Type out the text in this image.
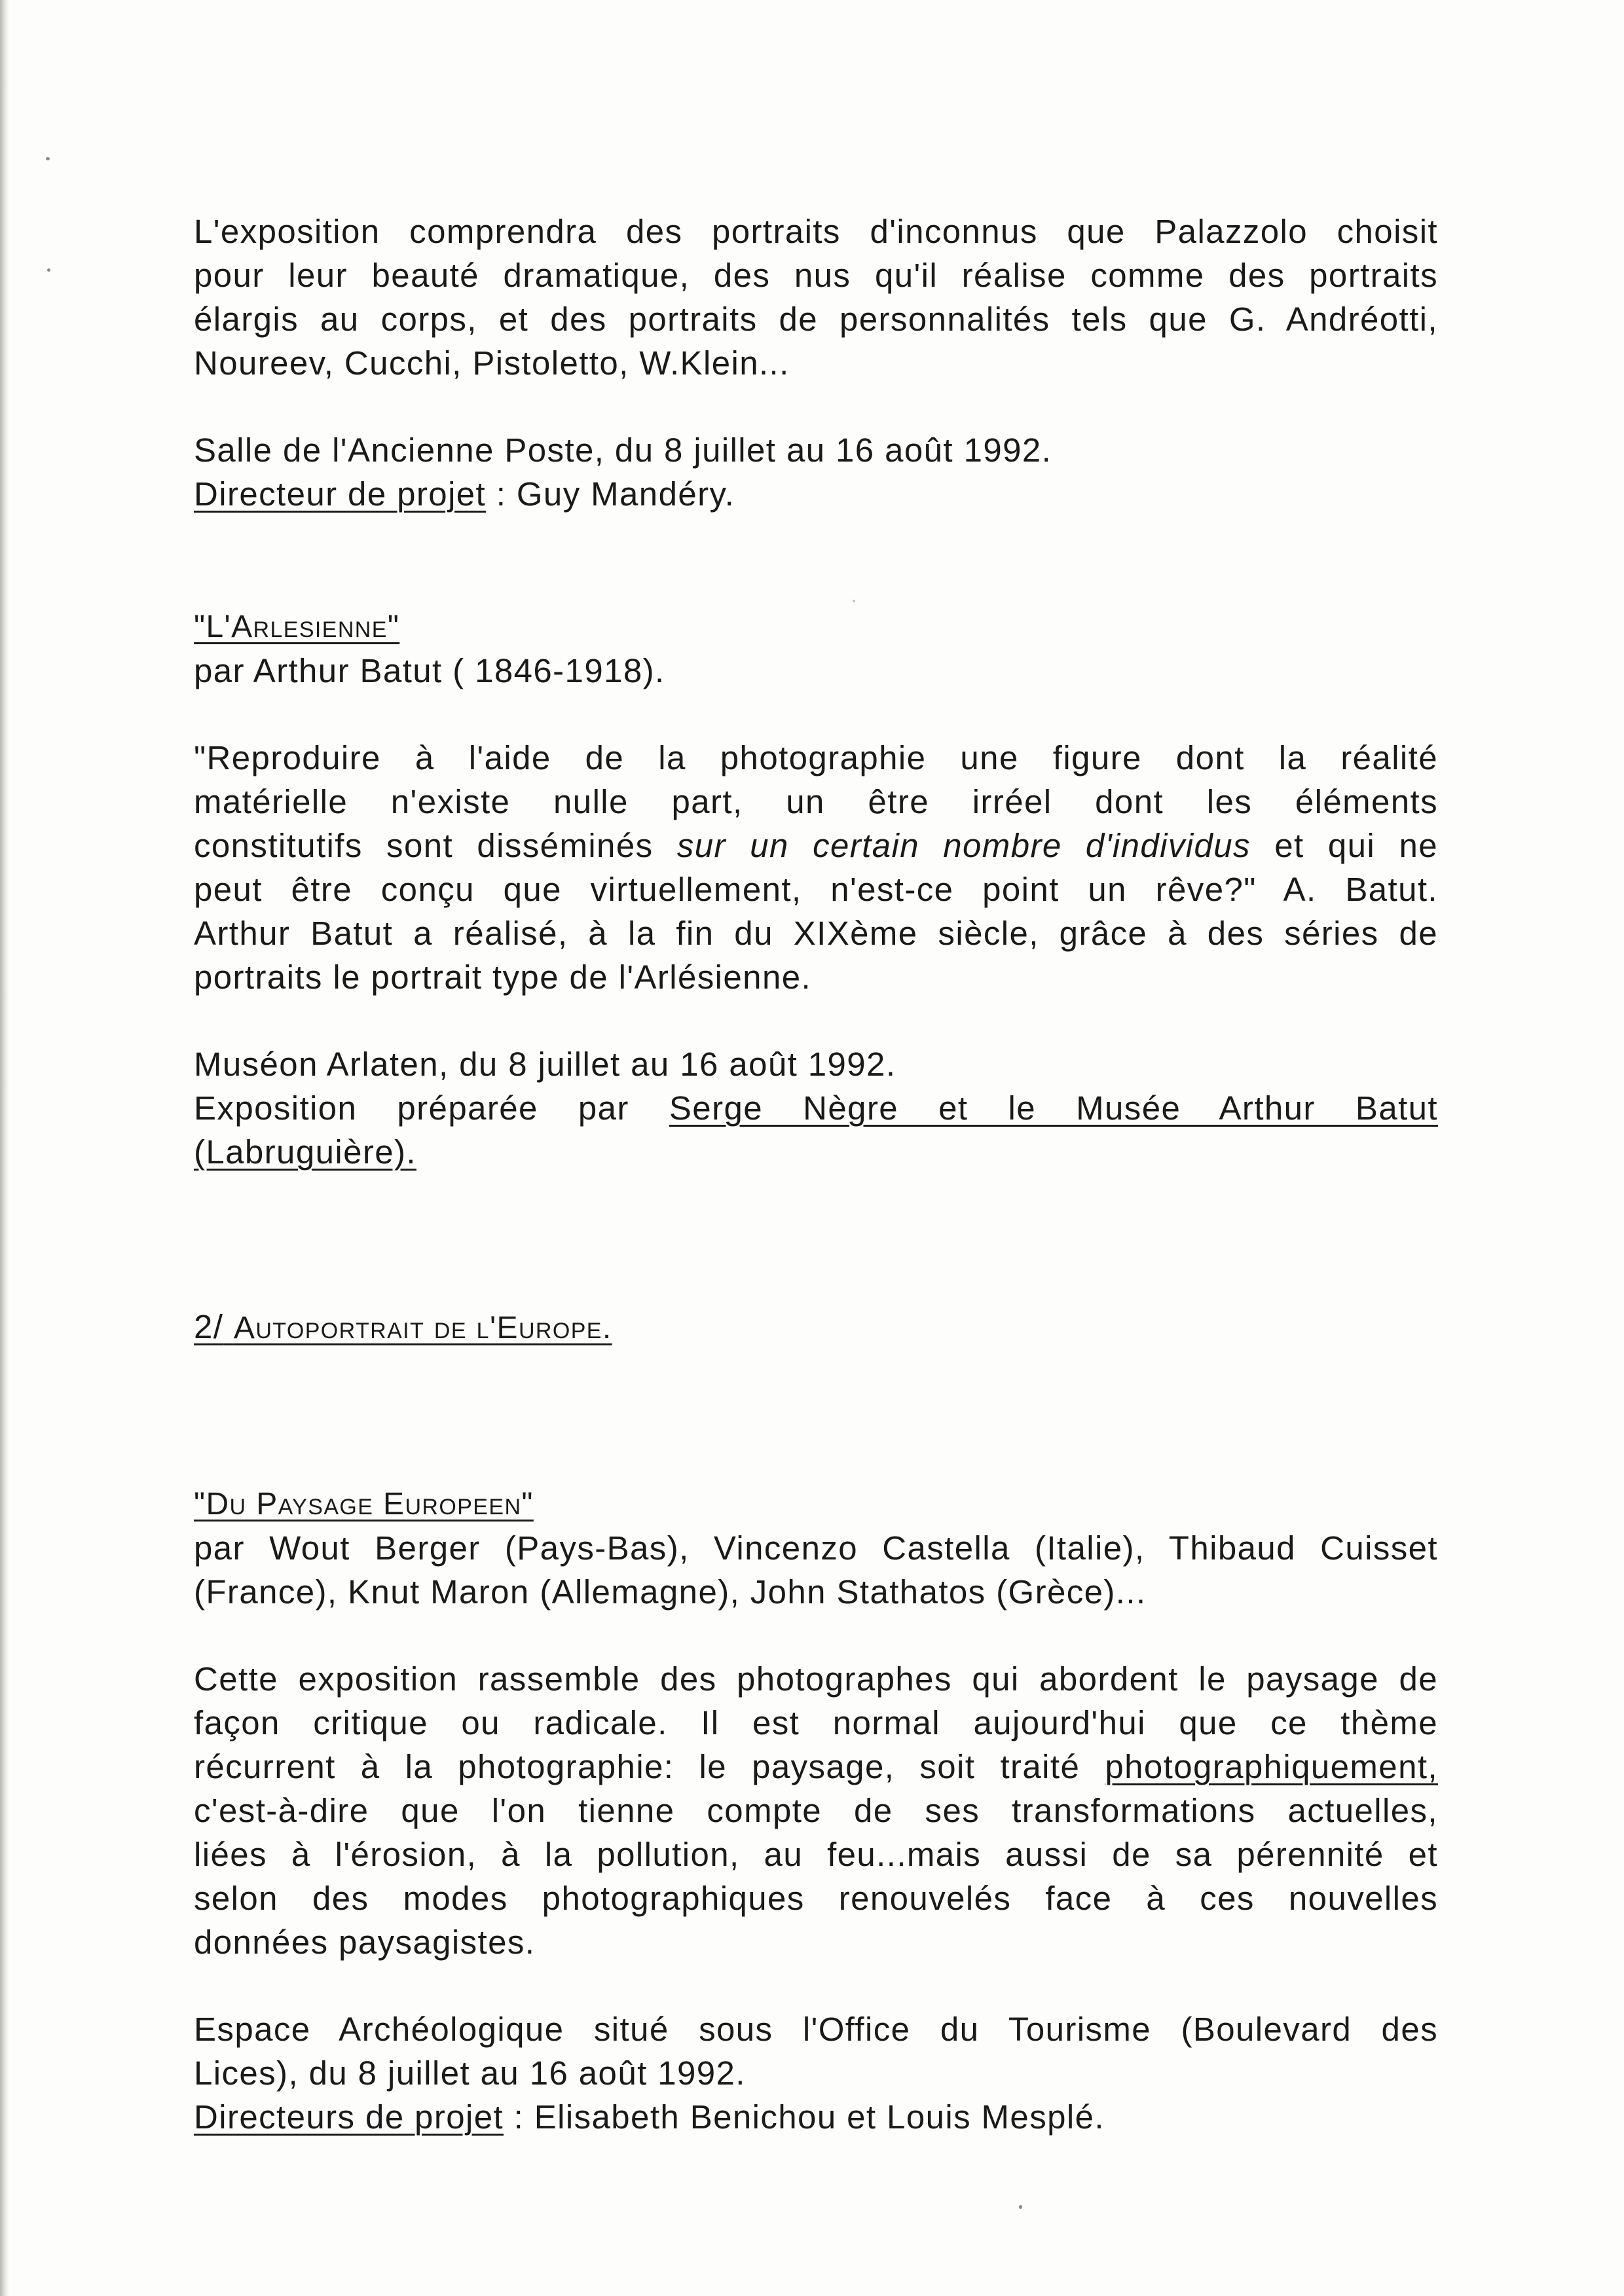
L'exposition comprendra des portraits d'inconnus que Palazzolo choisit
pour leur beauté dramatique, des nus qu'il réalise comme des portraits
élargis au corps, et des portraits de personnalités tels que G. Andréotti,
Noureev, Cucchi, Pistoletto, W.Klein...

Salle de l'Ancienne Poste, du 8 juillet au 16 août 1992.
Directeur de projet : Guy Mandéry.

"L'Arlesienne"
par Arthur Batut ( 1846-1918).

"Reproduire à l'aide de la photographie une figure dont la réalité
matérielle n'existe nulle part, un être irréel dont les éléments
constitutifs sont disséminés sur un certain nombre d'individus et qui ne
peut être conçu que virtuellement, n'est-ce point un rêve?" A. Batut.
Arthur Batut a réalisé, à la fin du XIXème siècle, grâce à des séries de
portraits le portrait type de l'Arlésienne.

Muséon Arlaten, du 8 juillet au 16 août 1992.
Exposition préparée par Serge Nègre et le Musée Arthur Batut
(Labruguière).

2/ Autoportrait de l'Europe.

"Du Paysage Europeen"
par Wout Berger (Pays-Bas), Vincenzo Castella (Italie), Thibaud Cuisset
(France), Knut Maron (Allemagne), John Stathatos (Grèce)...

Cette exposition rassemble des photographes qui abordent le paysage de
façon critique ou radicale. Il est normal aujourd'hui que ce thème
récurrent à la photographie: le paysage, soit traité photographiquement,
c'est-à-dire que l'on tienne compte de ses transformations actuelles,
liées à l'érosion, à la pollution, au feu...mais aussi de sa pérennité et
selon des modes photographiques renouvelés face à ces nouvelles
données paysagistes.

Espace Archéologique situé sous l'Office du Tourisme (Boulevard des
Lices), du 8 juillet au 16 août 1992.
Directeurs de projet : Elisabeth Benichou et Louis Mesplé.
